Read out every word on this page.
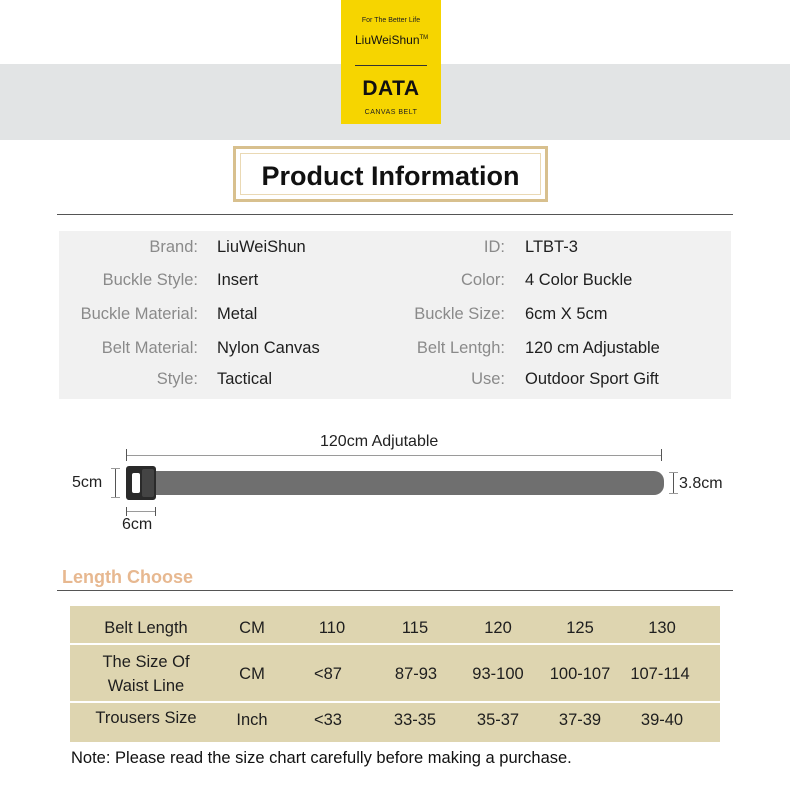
For The Better Life
LiuWeiShun™
DATA
CANVAS BELT
Product Information
Brand: LiuWeiShun
Buckle Style: Insert
Buckle Material: Metal
Belt Material: Nylon Canvas
Style: Tactical
ID: LTBT-3
Color: 4 Color Buckle
Buckle Size: 6cm X 5cm
Belt Lentgh: 120 cm Adjustable
Use: Outdoor Sport Gift
120cm Adjutable
5cm
6cm
3.8cm
Length Choose
Belt Length	CM	110	115	120	125	130
The Size Of
Waist Line
CM	<87	87-93	93-100	100-107	107-114
Trousers Size	Inch	<33	33-35	35-37	37-39	39-40
Note: Please read the size chart carefully before making a purchase.
